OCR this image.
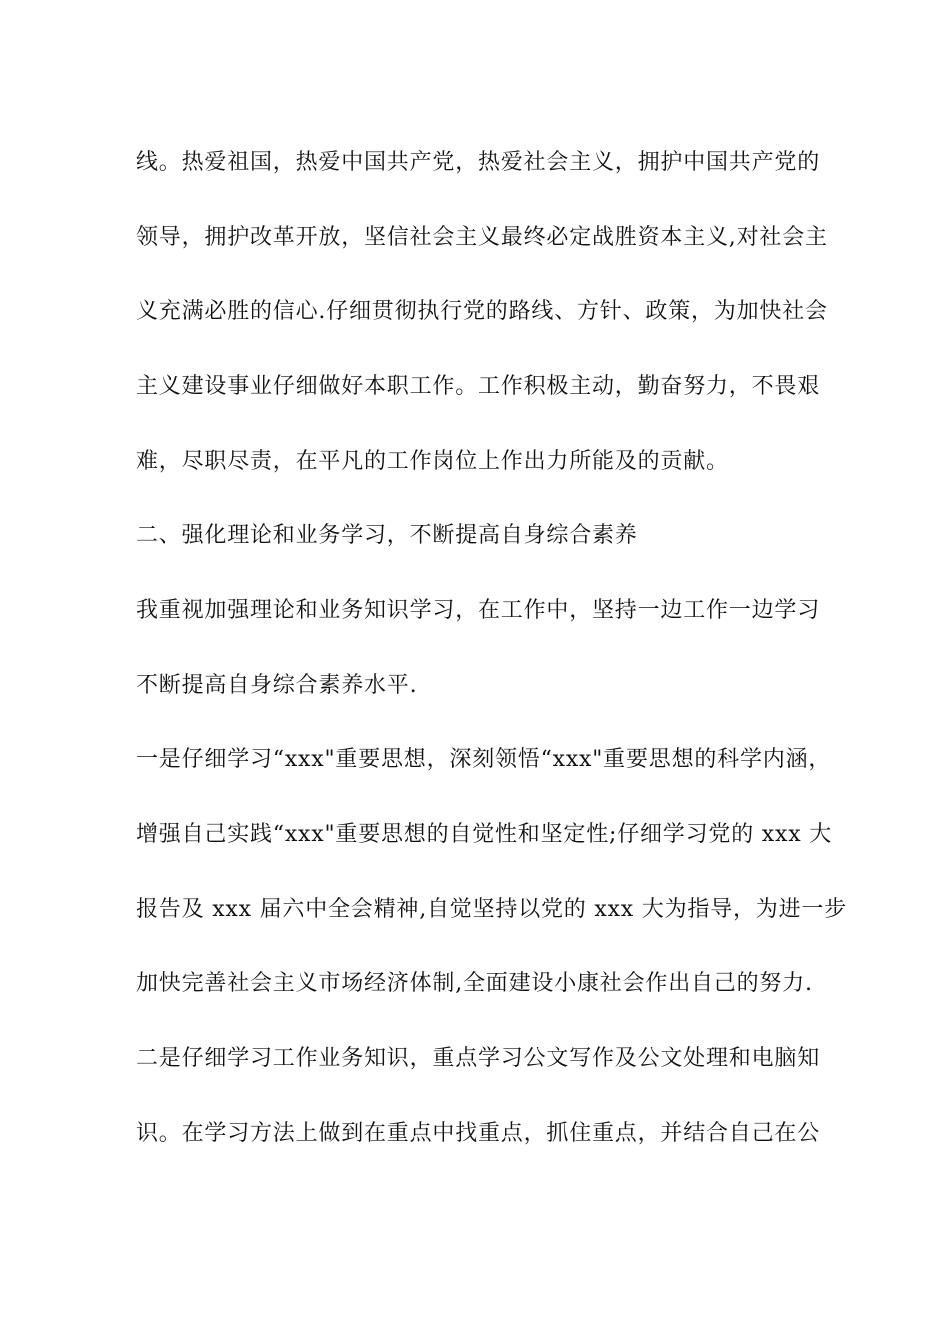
线。热爱祖国，热爱中国共产党，热爱社会主义，拥护中国共产党的
领导，拥护改革开放，坚信社会主义最终必定战胜资本主义,对社会主
义充满必胜的信心.仔细贯彻执行党的路线、方针、政策，为加快社会
主义建设事业仔细做好本职工作。工作积极主动，勤奋努力，不畏艰
难，尽职尽责，在平凡的工作岗位上作出力所能及的贡献。
二、强化理论和业务学习，不断提高自身综合素养
我重视加强理论和业务知识学习，在工作中，坚持一边工作一边学习
不断提高自身综合素养水平.
一是仔细学习“xxx"重要思想，深刻领悟“xxx"重要思想的科学内涵，
增强自己实践“xxx"重要思想的自觉性和坚定性;仔细学习党的 xxx 大
报告及 xxx 届六中全会精神,自觉坚持以党的 xxx 大为指导，为进一步
加快完善社会主义市场经济体制,全面建设小康社会作出自己的努力.
二是仔细学习工作业务知识，重点学习公文写作及公文处理和电脑知
识。在学习方法上做到在重点中找重点，抓住重点，并结合自己在公
